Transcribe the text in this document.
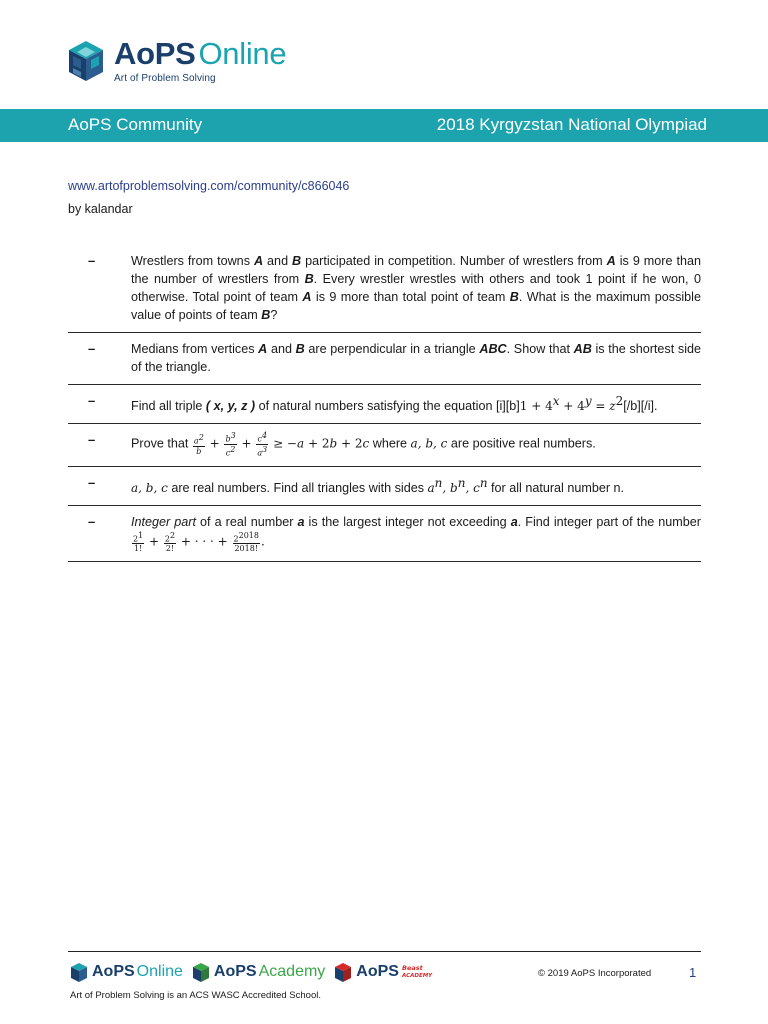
AoPSOnline
Art of Problem Solving
AoPS Community	2018 Kyrgyzstan National Olympiad
www.artofproblemsolving.com/community/c866046
by kalandar
–	Wrestlers from towns A and B participated in competition. Number of wrestlers from A is 9 more than the number of wrestlers from B. Every wrestler wrestles with others and took 1 point if he won, 0 otherwise. Total point of team A is 9 more than total point of team B. What is the maximum possible value of points of team B?
–	Medians from vertices A and B are perpendicular in a triangle ABC. Show that AB is the shortest side of the triangle.
–	Find all triple ( x, y, z ) of natural numbers satisfying the equation $[i][b]1 + 4^x + 4^y = z^2[/b][/i]$.
–	Prove that $\frac{a^2}{b} + \frac{b^3}{c^2} + \frac{c^4}{a^3} \ge -a + 2b + 2c$ where a, b, c are positive real numbers.
–	a, b, c are real numbers. Find all triangles with sides $a^n$, $b^n$, $c^n$ for all natural number n.
–	Integer part of a real number a is the largest integer not exceeding a. Find integer part of the number
$\frac{2^1}{1!} + \frac{2^2}{2!}$ + · · · + $\frac{2^{2018}}{2018!}$ .
AoPS Online AoPS Academy AoPS Beast
ACADEMY	© 2019 AoPS Incorporated	1
Art of Problem Solving is an ACS WASC Accredited School.
